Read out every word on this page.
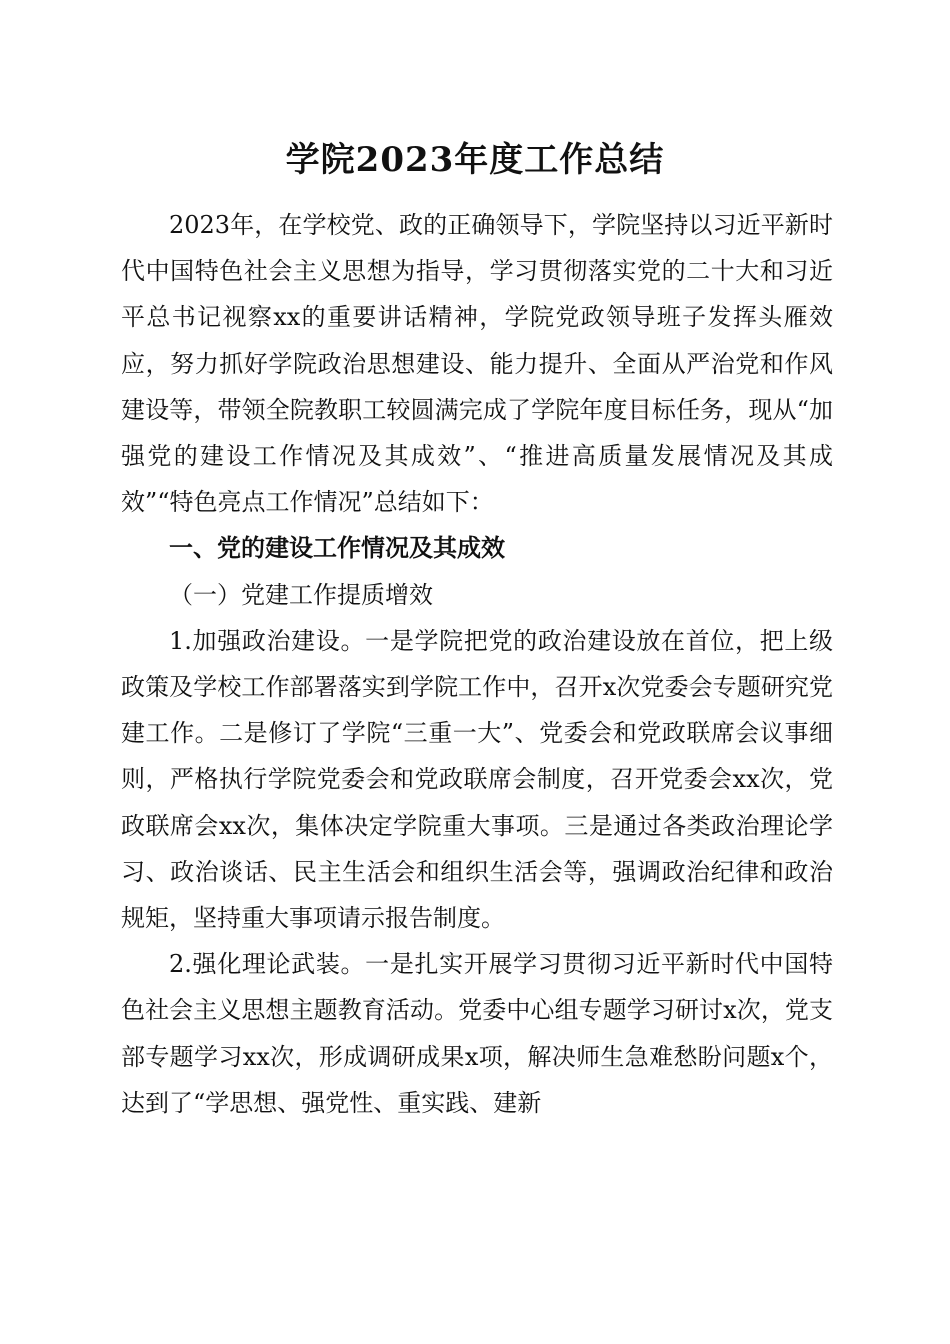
学院2023年度工作总结

2023年，在学校党、政的正确领导下，学院坚持以习近平新时代中国特色社会主义思想为指导，学习贯彻落实党的二十大和习近平总书记视察xx的重要讲话精神，学院党政领导班子发挥头雁效应，努力抓好学院政治思想建设、能力提升、全面从严治党和作风建设等，带领全院教职工较圆满完成了学院年度目标任务，现从“加强党的建设工作情况及其成效”、“推进高质量发展情况及其成效”“特色亮点工作情况”总结如下：

一、党的建设工作情况及其成效
（一）党建工作提质增效

1.加强政治建设。一是学院把党的政治建设放在首位，把上级政策及学校工作部署落实到学院工作中，召开x次党委会专题研究党建工作。二是修订了学院“三重一大”、党委会和党政联席会议事细则，严格执行学院党委会和党政联席会制度，召开党委会xx次，党政联席会xx次，集体决定学院重大事项。三是通过各类政治理论学习、政治谈话、民主生活会和组织生活会等，强调政治纪律和政治规矩，坚持重大事项请示报告制度。

2.强化理论武装。一是扎实开展学习贯彻习近平新时代中国特色社会主义思想主题教育活动。党委中心组专题学习研讨x次，党支部专题学习xx次，形成调研成果x项，解决师生急难愁盼问题x个，达到了“学思想、强党性、重实践、建新
